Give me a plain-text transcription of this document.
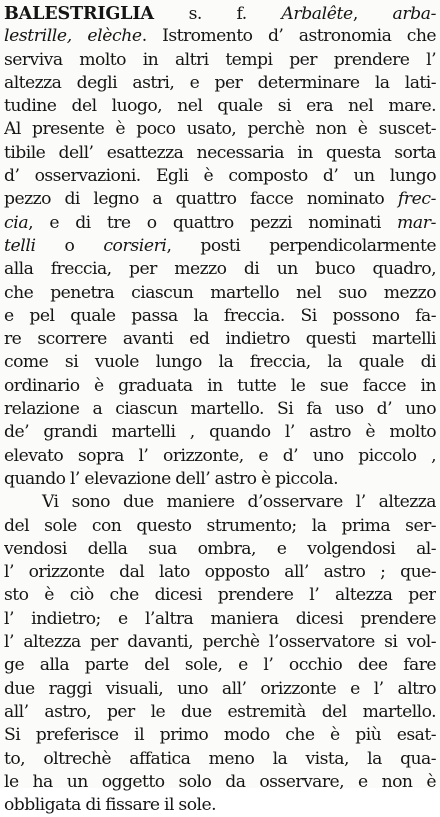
BALESTRIGLIA s. f. Arbalête, arba-
lestrille, elèche. Istromento d’ astronomia che
serviva molto in altri tempi per prendere l’
altezza degli astri, e per determinare la lati-
tudine del luogo, nel quale si era nel mare.
Al presente è poco usato, perchè non è suscet-
tibile dell’ esattezza necessaria in questa sorta
d’ osservazioni. Egli è composto d’ un lungo
pezzo di legno a quattro facce nominato frec-
cia, e di tre o quattro pezzi nominati mar-
telli o corsieri, posti perpendicolarmente
alla freccia, per mezzo di un buco quadro,
che penetra ciascun martello nel suo mezzo
e pel quale passa la freccia. Si possono fa-
re scorrere avanti ed indietro questi martelli
come si vuole lungo la freccia, la quale di
ordinario è graduata in tutte le sue facce in
relazione a ciascun martello. Si fa uso d’ uno
de’ grandi martelli , quando l’ astro è molto
elevato sopra l’ orizzonte, e d’ uno piccolo ,
quando l’ elevazione dell’ astro è piccola.
Vi sono due maniere d’osservare l’ altezza
del sole con questo strumento; la prima ser-
vendosi della sua ombra, e volgendosi al-
l’ orizzonte dal lato opposto all’ astro ; que-
sto è ciò che dicesi prendere l’ altezza per
l’ indietro; e l’altra maniera dicesi prendere
l’ altezza per davanti, perchè l’osservatore si vol-
ge alla parte del sole, e l’ occhio dee fare
due raggi visuali, uno all’ orizzonte e l’ altro
all’ astro, per le due estremità del martello.
Si preferisce il primo modo che è più esat-
to, oltrechè affatica meno la vista, la qua-
le ha un oggetto solo da osservare, e non è
obbligata di fissare il sole.
